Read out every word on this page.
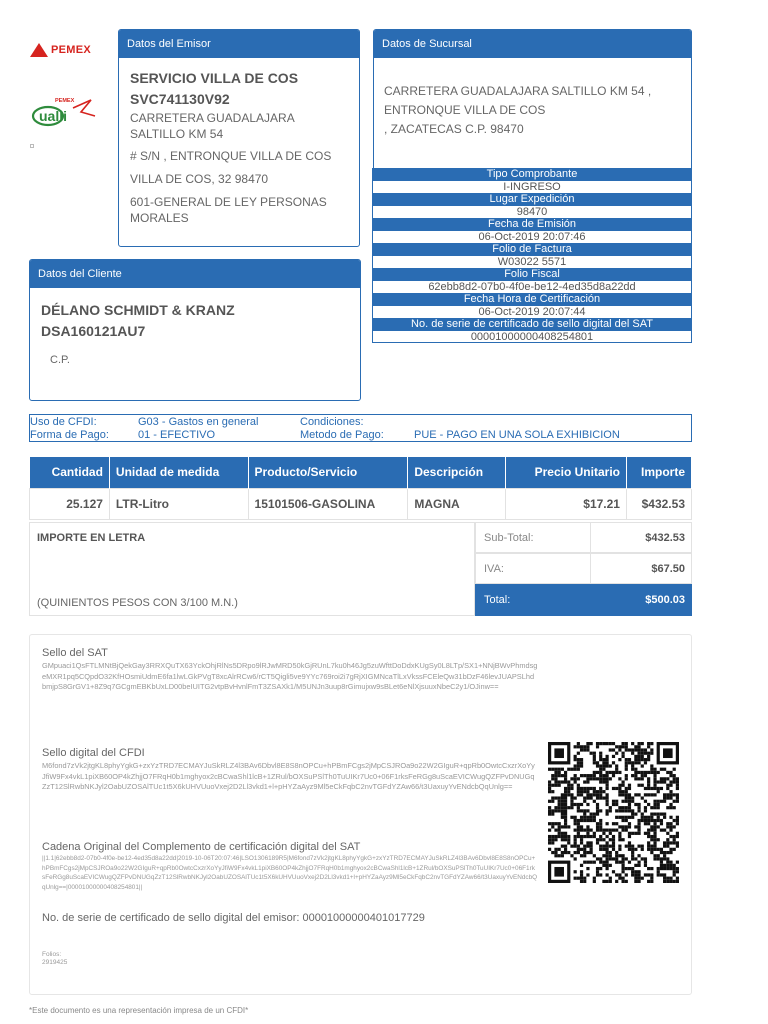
PEMEX
PEMEX
ualli
Datos del Emisor
SERVICIO VILLA DE COS
SVC741130V92
CARRETERA GUADALAJARA SALTILLO KM 54
# S/N , ENTRONQUE VILLA DE COS
VILLA DE COS, 32 98470
601-GENERAL DE LEY PERSONAS MORALES
Datos de Sucursal
CARRETERA GUADALAJARA SALTILLO KM 54 ,
ENTRONQUE VILLA DE COS
, ZACATECAS C.P. 98470
Tipo Comprobante
I-INGRESO
Lugar Expedición
98470
Fecha de Emisión
06-Oct-2019 20:07:46
Folio de Factura
W03022 5571
Folio Fiscal
62ebb8d2-07b0-4f0e-be12-4ed35d8a22dd
Fecha Hora de Certificación
06-Oct-2019 20:07:44
No. de serie de certificado de sello digital del SAT
00001000000408254801
Datos del Cliente
DÉLANO SCHMIDT & KRANZ
DSA160121AU7
C.P.
Uso de CFDI:	G03 - Gastos en general
Forma de Pago:	01 - EFECTIVO
Condiciones:
Metodo de Pago:	PUE - PAGO EN UNA SOLA EXHIBICION
Cantidad	Unidad de medida	Producto/Servicio	Descripción	Precio Unitario	Importe
25.127	LTR-Litro	15101506-GASOLINA	MAGNA	$17.21	$432.53
IMPORTE EN LETRA
(QUINIENTOS PESOS CON 3/100 M.N.)
Sub-Total:	$432.53
IVA:	$67.50
Total:	$500.03
Sello del SAT
GMpuaci1QsFTLMNtBjQekGay3RRXQuTX63YckOhjRlNs5DRpo9lRJwMRD50kGjRUnL7ku0h46Jg5zuWfttDoDdxKUgSy0L8LTp/SX1+NNjBWvPhmdsgeMXR1pq5CQpdO32KfHOsmiUdmE6fa1lwLGkPVgT8xcAlrRCw6/rCT5Qigli5ve9YYc769roi2i7gRjXIGMNcaTlLxVkssFCEleQw31bDzF46levJUAPSLhdbmjpS8GrGV1+8Z9q7GCgmEBKbUxLD00beIUITG2vtpBvHvnlFmT3ZSAXk1/M5UNJn3uup8rGimujxw9sBLet6eNlXjsuuxNbeC2y1/OJinw==
Sello digital del CFDI
M6fond7zVk2jtgKL8phyYgkG+zxYzTRD7ECMAYJuSkRLZ4l3BAv6Dbvl8E8S8nOPCu+hPBmFCgs2jMpCSJROa9o22W2GIguR+qpRb0OwtcCxzrXoYyJfiW9Fx4vkL1piXB60OP4kZhjjO7FRqH0b1mghyox2cBCwaShl1lcB+1ZRul/bOXSuPSlTh0TuUIKr7Uc0+06F1rksFeRGg8uScaEVICWugQZFPvDNUGqZzT12SlRwbNKJyl2OabUZOSAlTUc1t5X6kUHVUuoVxej2D2Ll3vkd1+l+pHYZaAyz9Ml5eCkFqbC2nvTGFdYZAw66/t3UaxuyYvENdcbQqUnlg==
Cadena Original del Complemento de certificación digital del SAT
||1.1|62ebb8d2-07b0-4f0e-be12-4ed35d8a22dd|2019-10-06T20:07:46|LSO1306189R5|M6fond7zVk2jtgKL8phyYgkG+zxYzTRD7ECMAYJuSkRLZ4l3BAv6Dbvl8E8S8nOPCu+hPBmFCgs2jMpCSJROa9o22W2GIguR+qpRb0OwtcCxzrXoYyJfiW9Fx4vkL1piXB60OP4kZhjjO7FRqH0b1mghyox2cBCwaShl1lcB+1ZRul/bOXSuPSlTh0TuUIKr7Uc0+06F1rksFeRGg8uScaEVICWugQZFPvDNUGqZzT12SlRwbNKJyl2OabUZOSAlTUc1t5X6kUHVUuoVxej2D2Ll3vkd1+l+pHYZaAyz9Ml5eCkFqbC2nvTGFdYZAw66/t3UaxuyYvENdcbQqUnlg==|00001000000408254801||
No. de serie de certificado de sello digital del emisor: 00001000000401017729
Folios:
2919425
*Este documento es una representación impresa de un CFDI*
